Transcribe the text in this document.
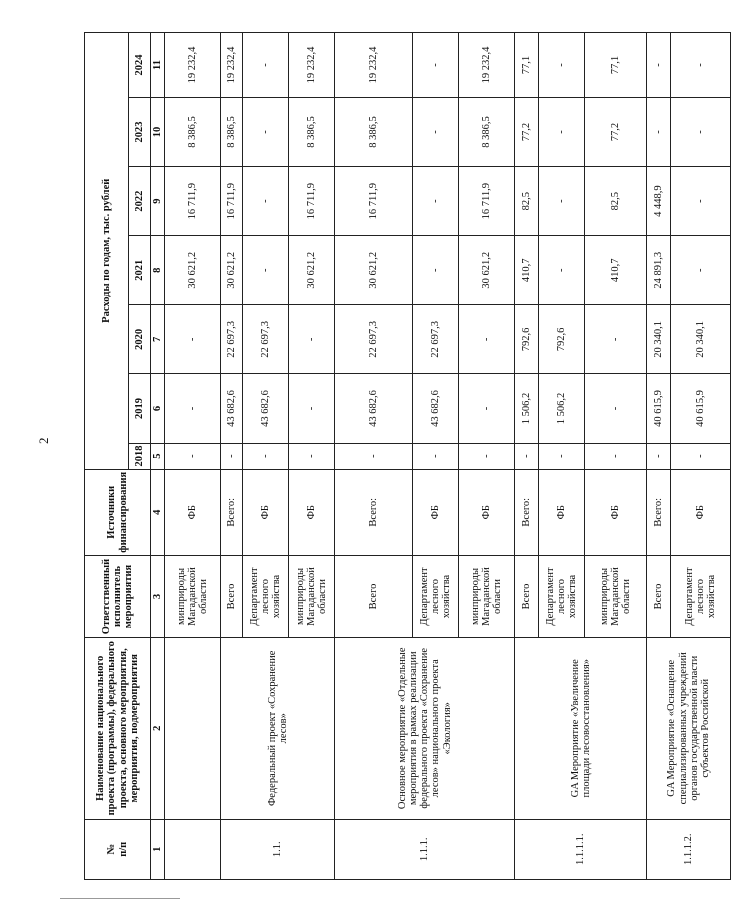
2
№
п/п	Наименование национального проекта (программы), федерального проекта, основного мероприятия, мероприятия, подмероприятия	Ответственный исполнитель мероприятия	Источники финансирования	Расходы по годам, тыс. рублей						
				2018	2019	2020	2021	2022	2023	2024
1	2	3	4	5	6	7	8	9	10	11
		минприроды Магаданской области	ФБ	-	-	-	30 621,2	16 711,9	8 386,5	19 232,4
1.1.	Федеральный проект «Сохранение лесов»	Всего	Всего:	-	43 682,6	22 697,3	30 621,2	16 711,9	8 386,5	19 232,4
		Департамент лесного хозяйства	ФБ	-	43 682,6	22 697,3	-	-	-	-
		минприроды Магаданской области	ФБ	-	-	-	30 621,2	16 711,9	8 386,5	19 232,4
1.1.1.	Основное мероприятие «Отдельные мероприятия в рамках реализации федерального проекта «Сохранение лесов» национального проекта «Экология»	Всего	Всего:	-	43 682,6	22 697,3	30 621,2	16 711,9	8 386,5	19 232,4
		Департамент лесного хозяйства	ФБ	-	43 682,6	22 697,3	-	-	-	-
		минприроды Магаданской области	ФБ	-	-	-	30 621,2	16 711,9	8 386,5	19 232,4
1.1.1.1.	GA Мероприятие «Увеличение площади лесовосстановления»	Всего	Всего:	-	1 506,2	792,6	410,7	82,5	77,2	77,1
		Департамент лесного хозяйства	ФБ	-	1 506,2	792,6	-	-	-	-
		минприроды Магаданской области	ФБ	-	-	-	410,7	82,5	77,2	77,1
1.1.1.2.	GA Мероприятие «Оснащение специализированных учреждений органов государственной власти субъектов Российской	Всего	Всего:	-	40 615,9	20 340,1	24 891,3	4 448,9	-	-
		Департамент лесного хозяйства	ФБ	-	40 615,9	20 340,1	-	-	-	-
